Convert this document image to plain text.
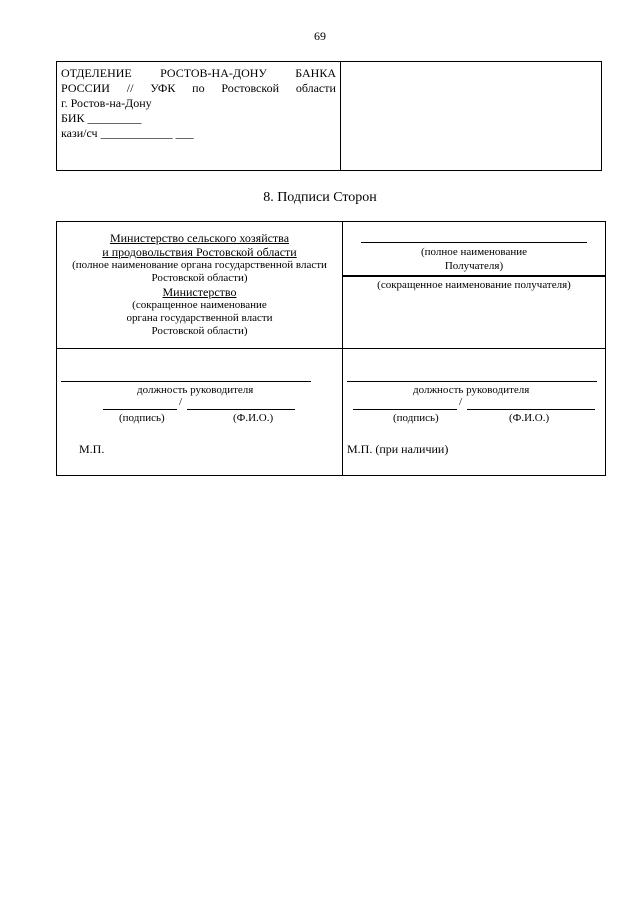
69
ОТДЕЛЕНИЕ РОСТОВ-НА-ДОНУ БАНКА
РОССИИ // УФК по Ростовской области
г. Ростов-на-Дону
БИК _________
кази/сч ____________ ___
8. Подписи Сторон
Министерство сельского хозяйства
и продовольствия Ростовской области
(полное наименование органа государственной власти
Ростовской области)
Министерство
(сокращенное наименование
органа государственной власти
Ростовской области)
(полное наименование
Получателя)
(сокращенное наименование получателя)
должность руководителя
/
(подпись)	(Ф.И.О.)
М.П.
должность руководителя
/
(подпись)	(Ф.И.О.)
М.П. (при наличии)
